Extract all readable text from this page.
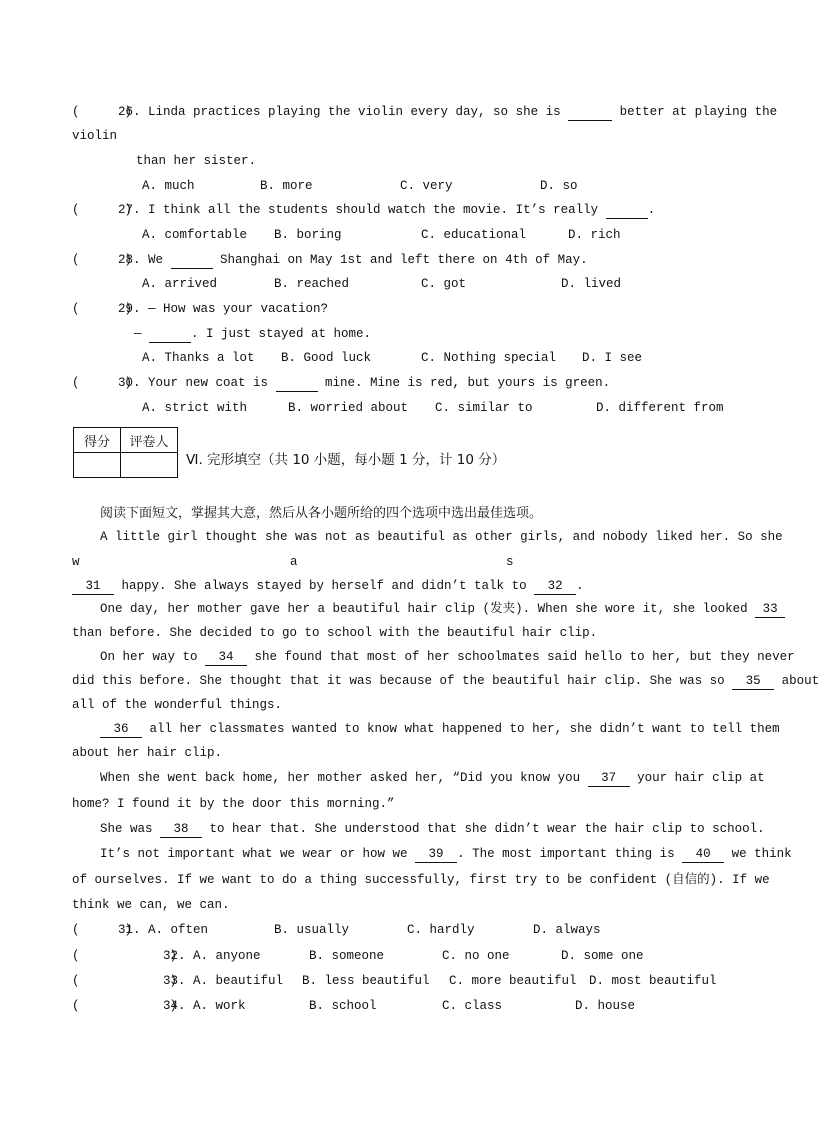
(      )
26. Linda practices playing the violin every day, so she is	better at playing the
violin
than her sister.
A. much	B. more	C. very	D. so
(      )
27. I think all the students should watch the movie. It’s really	.
A. comfortable B. boring	C. educational	D. rich
(      )
28. We	Shanghai on May 1st and left there on 4th of May.
A. arrived	B. reached	C. got	D. lived
(      )
29. — How was your vacation?
—	. I just stayed at home.
A. Thanks a lot B. Good luck	C. Nothing special D. I see
(      )
30. Your new coat is	mine. Mine is red, but yours is green.
A. strict with	B. worried about C. similar to	D. different from
得分	评卷人

Ⅵ. 完形填空（共 10 小题，每小题 1 分，计 10 分）
阅读下面短文，掌握其大意，然后从各小题所给的四个选项中选出最佳选项。
A little girl thought she was not as beautiful as other girls, and nobody liked her. So she
w	a	s
31 happy. She always stayed by herself and didn’t talk to 32 .
One day, her mother gave her a beautiful hair clip (发夹). When she wore it, she looked 33
than before. She decided to go to school with the beautiful hair clip.
On her way to 34 she found that most of her schoolmates said hello to her, but they never
did this before. She thought that it was because of the beautiful hair clip. She was so 35 about
all of the wonderful things.
36 all her classmates wanted to know what happened to her, she didn’t want to tell them
about her hair clip.
When she went back home, her mother asked her, “Did you know you 37 your hair clip at
home? I found it by the door this morning.”
She was 38 to hear that. She understood that she didn’t wear the hair clip to school.
It’s not important what we wear or how we 39 . The most important thing is 40 we think
of ourselves. If we want to do a thing successfully, first try to be confident (自信的). If we
think we can, we can.
(      )
31. A. often	B. usually	C. hardly	D. always
(            )
32. A. anyone	B. someone	C. no one	D. some one
(            )
33. A. beautiful B. less beautiful C. more beautiful D. most beautiful
(            )
34. A. work	B. school	C. class	D. house
